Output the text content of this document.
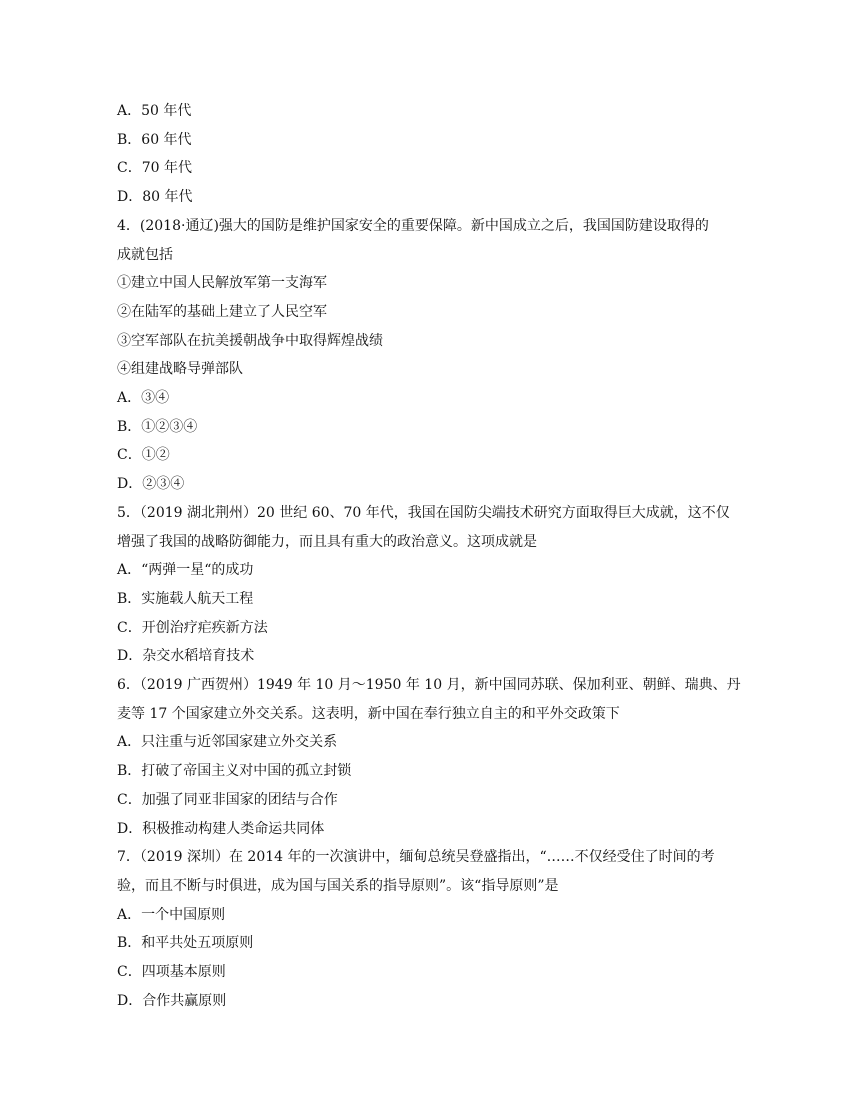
A．50 年代

B．60 年代

C．70 年代

D．80 年代

4．(2018·通辽)强大的国防是维护国家安全的重要保障。新中国成立之后，我国国防建设取得的

成就包括

①建立中国人民解放军第一支海军

②在陆军的基础上建立了人民空军

③空军部队在抗美援朝战争中取得辉煌战绩

④组建战略导弹部队

A．③④

B．①②③④

C．①②

D．②③④

5．（2019 湖北荆州）20 世纪 60、70 年代，我国在国防尖端技术研究方面取得巨大成就，这不仅

增强了我国的战略防御能力，而且具有重大的政治意义。这项成就是

A．“两弹一星“的成功

B．实施载人航天工程

C．开创治疗疟疾新方法

D．杂交水稻培育技术

6．（2019 广西贺州）1949 年 10 月～1950 年 10 月，新中国同苏联、保加利亚、朝鲜、瑞典、丹

麦等 17 个国家建立外交关系。这表明，新中国在奉行独立自主的和平外交政策下

A．只注重与近邻国家建立外交关系

B．打破了帝国主义对中国的孤立封锁

C．加强了同亚非国家的团结与合作

D．积极推动构建人类命运共同体

7．（2019 深圳）在 2014 年的一次演讲中，缅甸总统吴登盛指出，“……不仅经受住了时间的考

验，而且不断与时俱进，成为国与国关系的指导原则”。该“指导原则”是

A．一个中国原则

B．和平共处五项原则

C．四项基本原则

D．合作共赢原则
